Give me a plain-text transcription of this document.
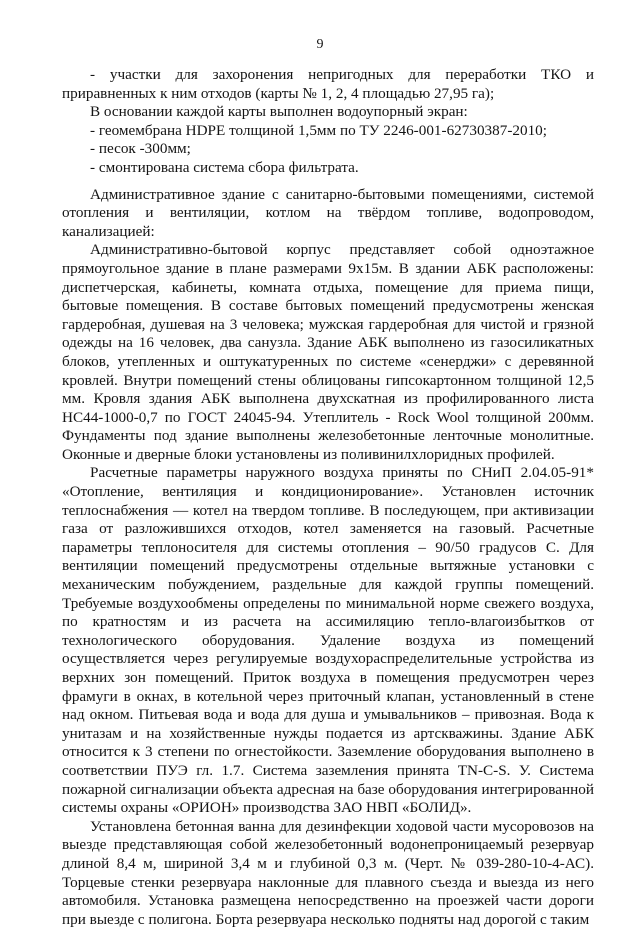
9

- участки для захоронения непригодных для переработки ТКО и приравненных к ним отходов (карты № 1, 2, 4 площадью 27,95 га);

В основании каждой карты выполнен водоупорный экран:

- геомембрана HDPE толщиной 1,5мм по ТУ 2246-001-62730387-2010;

- песок -300мм;

- смонтирована система сбора фильтрата.

Административное здание с санитарно-бытовыми помещениями, системой отопления и вентиляции, котлом на твёрдом топливе, водопроводом, канализацией:

Административно-бытовой корпус представляет собой одноэтажное прямоугольное здание в плане размерами 9х15м. В здании АБК расположены: диспетчерская, кабинеты, комната отдыха, помещение для приема пищи, бытовые помещения. В составе бытовых помещений предусмотрены женская гардеробная, душевая на 3 человека; мужская гардеробная для чистой и грязной одежды на 16 человек, два санузла. Здание АБК выполнено из газосиликатных блоков, утепленных и оштукатуренных по системе «сенерджи» с деревянной кровлей. Внутри помещений стены облицованы гипсокартонном толщиной 12,5 мм. Кровля здания АБК выполнена двухскатная из профилированного листа НС44-1000-0,7 по ГОСТ 24045-94. Утеплитель - Rock Wool толщиной 200мм. Фундаменты под здание выполнены железобетонные ленточные монолитные. Оконные и дверные блоки установлены из поливинилхлоридных профилей.

Расчетные параметры наружного воздуха приняты по СНиП 2.04.05-91* «Отопление, вентиляция и кондиционирование». Установлен источник теплоснабжения — котел на твердом топливе. В последующем, при активизации газа от разложившихся отходов, котел заменяется на газовый. Расчетные параметры теплоносителя для системы отопления – 90/50 градусов С. Для вентиляции помещений предусмотрены отдельные вытяжные установки с механическим побуждением, раздельные для каждой группы помещений. Требуемые воздухообмены определены по минимальной норме свежего воздуха, по кратностям и из расчета на ассимиляцию тепло-влагоизбытков от технологического оборудования. Удаление воздуха из помещений осуществляется через регулируемые воздухораспределительные устройства из верхних зон помещений. Приток воздуха в помещения предусмотрен через фрамуги в окнах, в котельной через приточный клапан, установленный в стене над окном. Питьевая вода и вода для душа и умывальников – привозная. Вода к унитазам и на хозяйственные нужды подается из артскважины. Здание АБК относится к 3 степени по огнестойкости. Заземление оборудования выполнено в соответствии ПУЭ гл. 1.7. Система заземления принята TN-C-S. У. Система пожарной сигнализации объекта адресная на базе оборудования интегрированной системы охраны «ОРИОН» производства ЗАО НВП «БОЛИД».

Установлена бетонная ванна для дезинфекции ходовой части мусоровозов на выезде представляющая собой железобетонный водонепроницаемый резервуар длиной 8,4 м, шириной 3,4 м и глубиной 0,3 м. (Черт. № 039-280-10-4-АС). Торцевые стенки резервуара наклонные для плавного съезда и выезда из него автомобиля. Установка размещена непосредственно на проезжей части дороги при выезде с полигона. Борта резервуара несколько подняты над дорогой с таким
